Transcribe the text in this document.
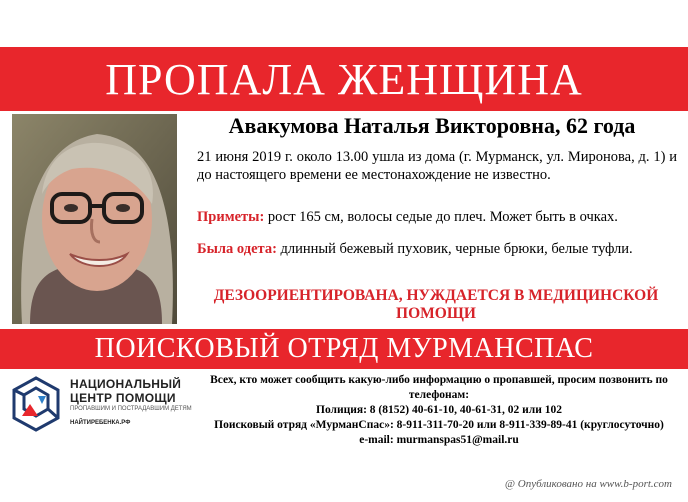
ПРОПАЛА ЖЕНЩИНА
Авакумова Наталья Викторовна, 62 года
21 июня 2019 г. около 13.00 ушла из дома (г. Мурманск, ул. Миронова, д. 1) и до настоящего времени ее местонахождение не известно.
Приметы: рост 165 см, волосы седые до плеч. Может быть в очках.
Была одета: длинный бежевый пуховик, черные брюки, белые туфли.
ДЕЗООРИЕНТИРОВАНА, НУЖДАЕТСЯ В МЕДИЦИНСКОЙ ПОМОЩИ
ПОИСКОВЫЙ ОТРЯД МУРМАНСПАС
НАЦИОНАЛЬНЫЙ
ЦЕНТР ПОМОЩИ
ПРОПАВШИМ И ПОСТРАДАВШИМ ДЕТЯМ
НАЙТИРЕБЕНКА.РФ
Всех, кто может сообщить какую-либо информацию о пропавшей, просим позвонить по телефонам:
Полиция: 8 (8152) 40-61-10, 40-61-31, 02 или 102
Поисковый отряд «МурманСпас»: 8-911-311-70-20 или 8-911-339-89-41 (круглосуточно)
e-mail: murmanspas51@mail.ru
@ Опубликовано на www.b-port.com
